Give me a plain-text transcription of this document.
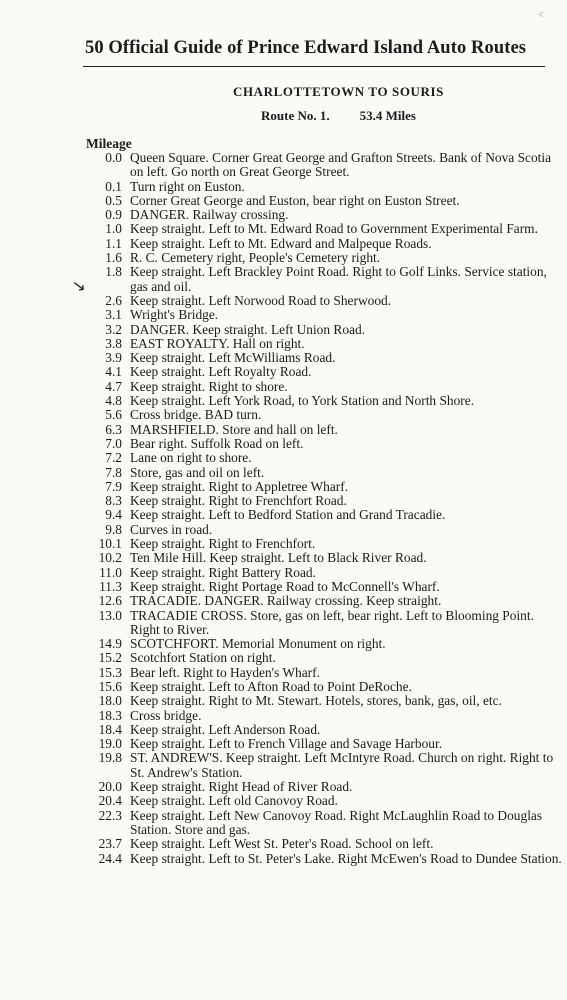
<
50 Official Guide of Prince Edward Island Auto Routes
CHARLOTTETOWN TO SOURIS
Route No. 1. 53.4 Miles
Mileage
↘
0.0 Queen Square. Corner Great George and Grafton Streets. Bank of Nova Scotia on left. Go north on Great George Street.
0.1 Turn right on Euston.
0.5 Corner Great George and Euston, bear right on Euston Street.
0.9 DANGER. Railway crossing.
1.0 Keep straight. Left to Mt. Edward Road to Government Experimental Farm.
1.1 Keep straight. Left to Mt. Edward and Malpeque Roads.
1.6 R. C. Cemetery right, People's Cemetery right.
1.8 Keep straight. Left Brackley Point Road. Right to Golf Links. Service station, gas and oil.
2.6 Keep straight. Left Norwood Road to Sherwood.
3.1 Wright's Bridge.
3.2 DANGER. Keep straight. Left Union Road.
3.8 EAST ROYALTY. Hall on right.
3.9 Keep straight. Left McWilliams Road.
4.1 Keep straight. Left Royalty Road.
4.7 Keep straight. Right to shore.
4.8 Keep straight. Left York Road, to York Station and North Shore.
5.6 Cross bridge. BAD turn.
6.3 MARSHFIELD. Store and hall on left.
7.0 Bear right. Suffolk Road on left.
7.2 Lane on right to shore.
7.8 Store, gas and oil on left.
7.9 Keep straight. Right to Appletree Wharf.
8.3 Keep straight. Right to Frenchfort Road.
9.4 Keep straight. Left to Bedford Station and Grand Tracadie.
9.8 Curves in road.
10.1 Keep straight. Right to Frenchfort.
10.2 Ten Mile Hill. Keep straight. Left to Black River Road.
11.0 Keep straight. Right Battery Road.
11.3 Keep straight. Right Portage Road to McConnell's Wharf.
12.6 TRACADIE. DANGER. Railway crossing. Keep straight.
13.0 TRACADIE CROSS. Store, gas on left, bear right. Left to Blooming Point. Right to River.
14.9 SCOTCHFORT. Memorial Monument on right.
15.2 Scotchfort Station on right.
15.3 Bear left. Right to Hayden's Wharf.
15.6 Keep straight. Left to Afton Road to Point DeRoche.
18.0 Keep straight. Right to Mt. Stewart. Hotels, stores, bank, gas, oil, etc.
18.3 Cross bridge.
18.4 Keep straight. Left Anderson Road.
19.0 Keep straight. Left to French Village and Savage Harbour.
19.8 ST. ANDREW'S. Keep straight. Left McIntyre Road. Church on right. Right to St. Andrew's Station.
20.0 Keep straight. Right Head of River Road.
20.4 Keep straight. Left old Canovoy Road.
22.3 Keep straight. Left New Canovoy Road. Right McLaughlin Road to Douglas Station. Store and gas.
23.7 Keep straight. Left West St. Peter's Road. School on left.
24.4 Keep straight. Left to St. Peter's Lake. Right McEwen's Road to Dundee Station.
